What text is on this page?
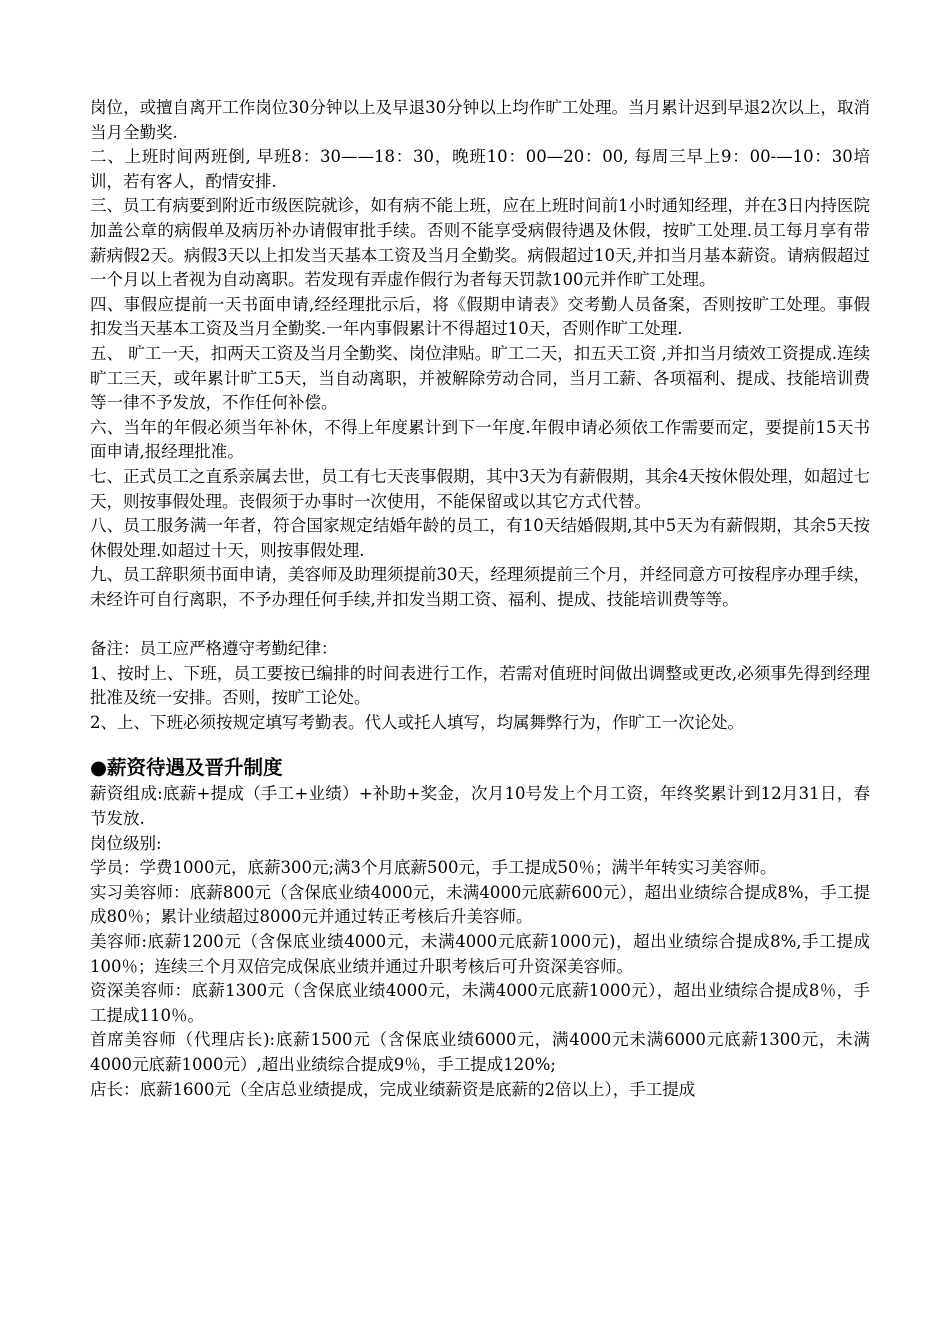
岗位，或擅自离开工作岗位30分钟以上及早退30分钟以上均作旷工处理。当月累计迟到早退2次以上，取消当月全勤奖.

二、上班时间两班倒, 早班8：30——18：30，晚班10：00—20：00, 每周三早上9：00-—10：30培训，若有客人，酌情安排.

三、员工有病要到附近市级医院就诊，如有病不能上班，应在上班时间前1小时通知经理，并在3日内持医院加盖公章的病假单及病历补办请假审批手续。否则不能享受病假待遇及休假，按旷工处理.员工每月享有带薪病假2天。病假3天以上扣发当天基本工资及当月全勤奖。病假超过10天,并扣当月基本薪资。请病假超过一个月以上者视为自动离职。若发现有弄虚作假行为者每天罚款100元并作旷工处理。

四、事假应提前一天书面申请,经经理批示后，将《假期申请表》交考勤人员备案，否则按旷工处理。事假扣发当天基本工资及当月全勤奖.一年内事假累计不得超过10天，否则作旷工处理.

五、 旷工一天，扣两天工资及当月全勤奖、岗位津贴。旷工二天，扣五天工资 ,并扣当月绩效工资提成.连续旷工三天，或年累计旷工5天，当自动离职，并被解除劳动合同，当月工薪、各项福利、提成、技能培训费等一律不予发放，不作任何补偿。

六、当年的年假必须当年补休，不得上年度累计到下一年度.年假申请必须依工作需要而定，要提前15天书面申请,报经理批准。

七、正式员工之直系亲属去世，员工有七天丧事假期，其中3天为有薪假期，其余4天按休假处理，如超过七天，则按事假处理。丧假须于办事时一次使用，不能保留或以其它方式代替。

八、员工服务满一年者，符合国家规定结婚年龄的员工，有10天结婚假期,其中5天为有薪假期，其余5天按休假处理.如超过十天，则按事假处理.

九、员工辞职须书面申请，美容师及助理须提前30天，经理须提前三个月，并经同意方可按程序办理手续，未经许可自行离职，不予办理任何手续,并扣发当期工资、福利、提成、技能培训费等等。

备注：员工应严格遵守考勤纪律：

1、按时上、下班，员工要按已编排的时间表进行工作，若需对值班时间做出调整或更改,必须事先得到经理批准及统一安排。否则，按旷工论处。

2、上、下班必须按规定填写考勤表。代人或托人填写，均属舞弊行为，作旷工一次论处。

●薪资待遇及晋升制度

薪资组成:底薪+提成（手工+业绩）+补助+奖金，次月10号发上个月工资，年终奖累计到12月31日，春节发放.

岗位级别:

学员：学费1000元，底薪300元;满3个月底薪500元，手工提成50％；满半年转实习美容师。

实习美容师：底薪800元（含保底业绩4000元，未满4000元底薪600元），超出业绩综合提成8%，手工提成80％；累计业绩超过8000元并通过转正考核后升美容师。

美容师:底薪1200元（含保底业绩4000元，未满4000元底薪1000元)，超出业绩综合提成8%,手工提成100％；连续三个月双倍完成保底业绩并通过升职考核后可升资深美容师。

资深美容师：底薪1300元（含保底业绩4000元，未满4000元底薪1000元），超出业绩综合提成8％，手工提成110％。

首席美容师（代理店长):底薪1500元（含保底业绩6000元，满4000元未满6000元底薪1300元，未满4000元底薪1000元）,超出业绩综合提成9％，手工提成120%;

店长：底薪1600元（全店总业绩提成，完成业绩薪资是底薪的2倍以上），手工提成
